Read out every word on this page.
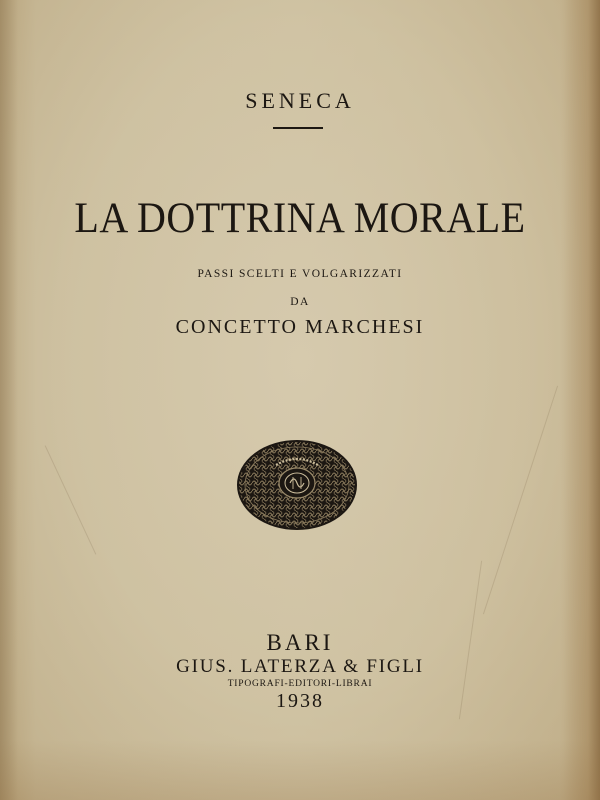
SENECA
LA DOTTRINA MORALE
PASSI SCELTI E VOLGARIZZATI
DA
CONCETTO MARCHESI
BARI
GIUS. LATERZA & FIGLI
TIPOGRAFI-EDITORI-LIBRAI
1938
